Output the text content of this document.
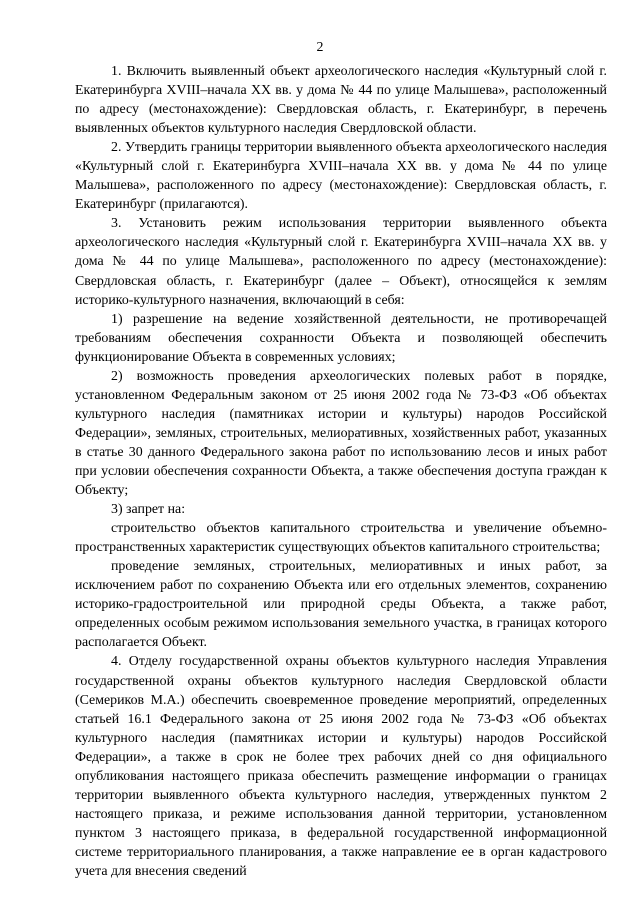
2

1. Включить выявленный объект археологического наследия «Культурный слой г. Екатеринбурга XVIII–начала XX вв. у дома № 44 по улице Малышева», расположенный по адресу (местонахождение): Свердловская область, г. Екатеринбург, в перечень выявленных объектов культурного наследия Свердловской области.

2. Утвердить границы территории выявленного объекта археологического наследия «Культурный слой г. Екатеринбурга XVIII–начала XX вв. у дома № 44 по улице Малышева», расположенного по адресу (местонахождение): Свердловская область, г. Екатеринбург (прилагаются).

3. Установить режим использования территории выявленного объекта археологического наследия «Культурный слой г. Екатеринбурга XVIII–начала XX вв. у дома № 44 по улице Малышева», расположенного по адресу (местонахождение): Свердловская область, г. Екатеринбург (далее – Объект), относящейся к землям историко-культурного назначения, включающий в себя:

1) разрешение на ведение хозяйственной деятельности, не противоречащей требованиям обеспечения сохранности Объекта и позволяющей обеспечить функционирование Объекта в современных условиях;

2) возможность проведения археологических полевых работ в порядке, установленном Федеральным законом от 25 июня 2002 года № 73-ФЗ «Об объектах культурного наследия (памятниках истории и культуры) народов Российской Федерации», земляных, строительных, мелиоративных, хозяйственных работ, указанных в статье 30 данного Федерального закона работ по использованию лесов и иных работ при условии обеспечения сохранности Объекта, а также обеспечения доступа граждан к Объекту;

3) запрет на:

строительство объектов капитального строительства и увеличение объемно-пространственных характеристик существующих объектов капитального строительства;

проведение земляных, строительных, мелиоративных и иных работ, за исключением работ по сохранению Объекта или его отдельных элементов, сохранению историко-градостроительной или природной среды Объекта, а также работ, определенных особым режимом использования земельного участка, в границах которого располагается Объект.

4. Отделу государственной охраны объектов культурного наследия Управления государственной охраны объектов культурного наследия Свердловской области (Семериков М.А.) обеспечить своевременное проведение мероприятий, определенных статьей 16.1 Федерального закона от 25 июня 2002 года № 73-ФЗ «Об объектах культурного наследия (памятниках истории и культуры) народов Российской Федерации», а также в срок не более трех рабочих дней со дня официального опубликования настоящего приказа обеспечить размещение информации о границах территории выявленного объекта культурного наследия, утвержденных пунктом 2 настоящего приказа, и режиме использования данной территории, установленном пунктом 3 настоящего приказа, в федеральной государственной информационной системе территориального планирования, а также направление ее в орган кадастрового учета для внесения сведений
